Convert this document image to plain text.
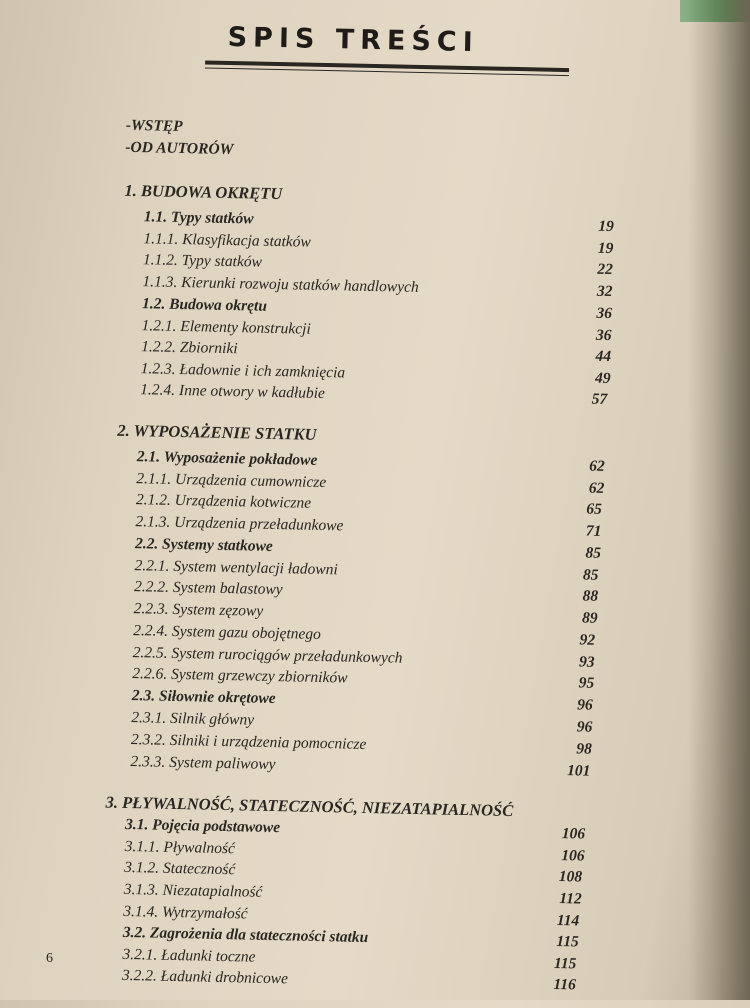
SPIS TREŚCI
-WSTĘP
-OD AUTORÓW
1. BUDOWA OKRĘTU
1.1. Typy statków	19
1.1.1. Klasyfikacja statków	19
1.1.2. Typy statków	22
1.1.3. Kierunki rozwoju statków handlowych	32
1.2. Budowa okrętu	36
1.2.1. Elementy konstrukcji	36
1.2.2. Zbiorniki	44
1.2.3. Ładownie i ich zamknięcia	49
1.2.4. Inne otwory w kadłubie	57
2. WYPOSAŻENIE STATKU
2.1. Wyposażenie pokładowe	62
2.1.1. Urządzenia cumownicze	62
2.1.2. Urządzenia kotwiczne	65
2.1.3. Urządzenia przeładunkowe	71
2.2. Systemy statkowe	85
2.2.1. System wentylacji ładowni	85
2.2.2. System balastowy	88
2.2.3. System zęzowy	89
2.2.4. System gazu obojętnego	92
2.2.5. System rurociągów przeładunkowych	93
2.2.6. System grzewczy zbiorników	95
2.3. Siłownie okrętowe	96
2.3.1. Silnik główny	96
2.3.2. Silniki i urządzenia pomocnicze	98
2.3.3. System paliwowy	101
3. PŁYWALNOŚĆ, STATECZNOŚĆ, NIEZATAPIALNOŚĆ
3.1. Pojęcia podstawowe	106
3.1.1. Pływalność	106
3.1.2. Stateczność	108
3.1.3. Niezatapialność	112
3.1.4. Wytrzymałość	114
3.2. Zagrożenia dla stateczności statku	115
3.2.1. Ładunki toczne	115
3.2.2. Ładunki drobnicowe	116
6
